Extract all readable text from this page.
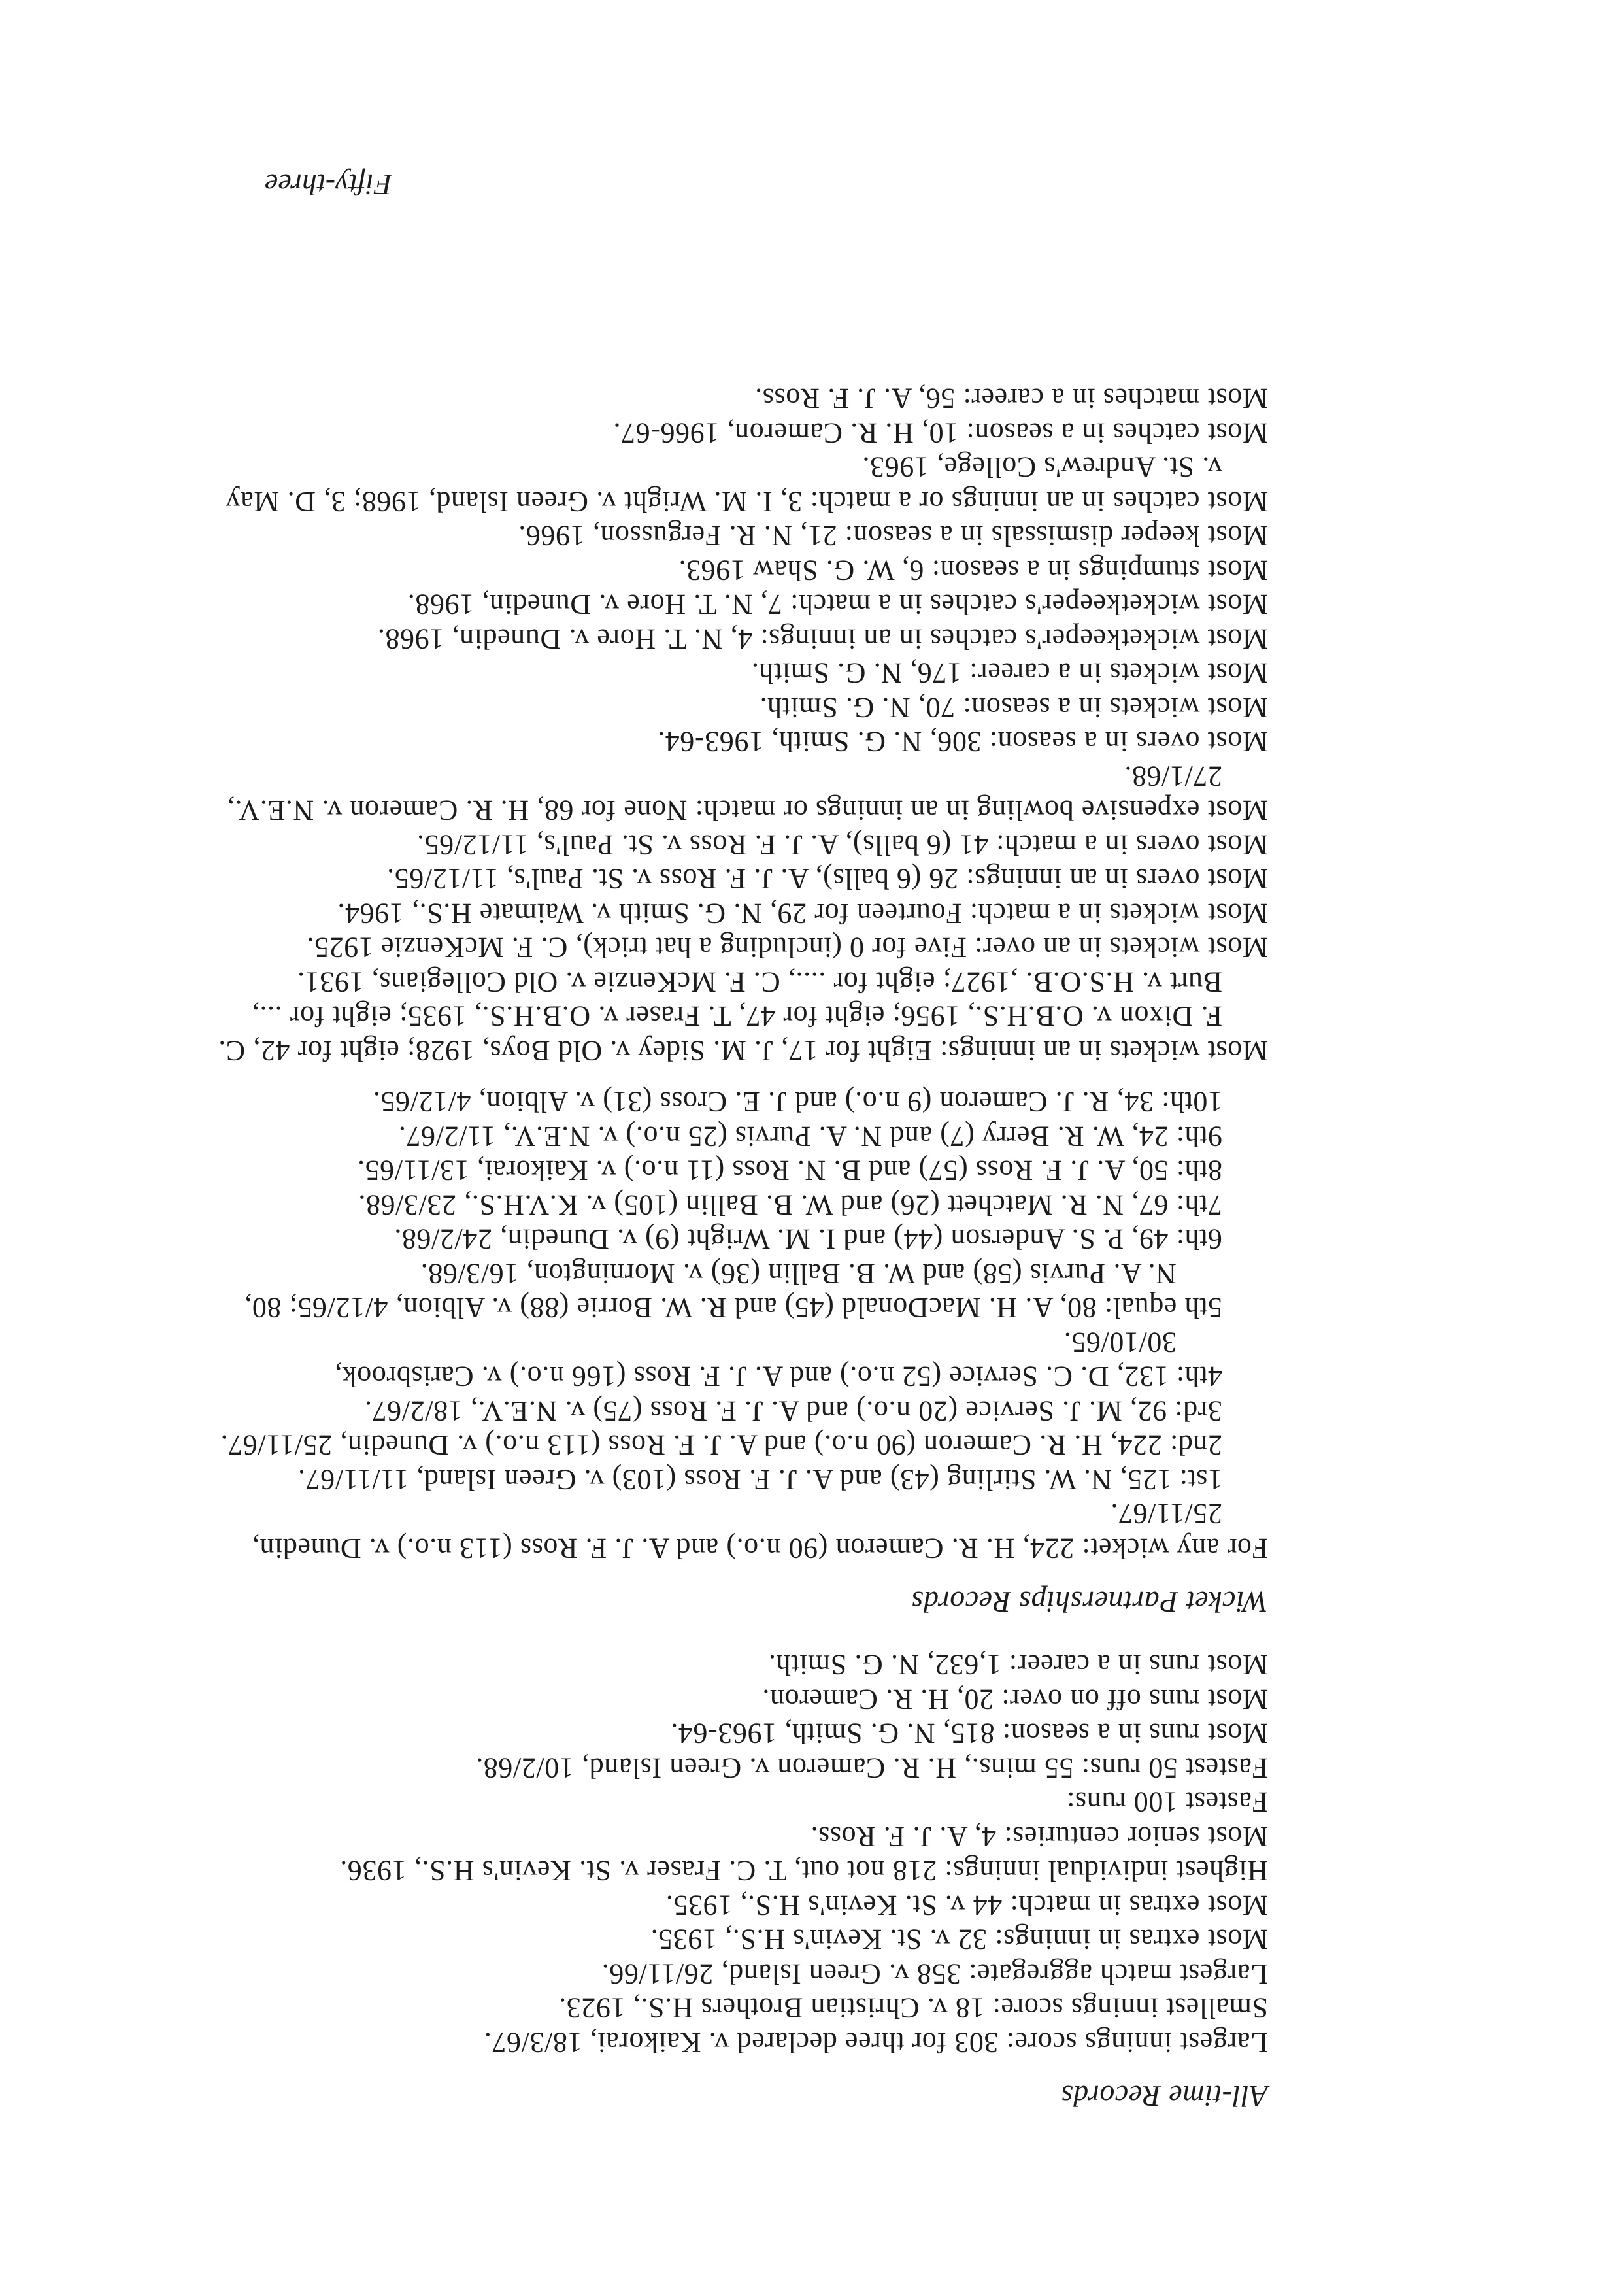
All-time Records

Largest innings score: 303 for three declared v. Kaikorai, 18/3/67.

Smallest innings score: 18 v. Christian Brothers H.S., 1923.

Largest match aggregate: 358 v. Green Island, 26/11/66.

Most extras in innings: 32 v. St. Kevin's H.S., 1935.

Most extras in match: 44 v. St. Kevin's H.S., 1935.

Highest individual innings: 218 not out, T. C. Fraser v. St. Kevin's H.S., 1936.

Most senior centuries: 4, A. J. F. Ross.

Fastest 100 runs:

Fastest 50 runs: 55 mins., H. R. Cameron v. Green Island, 10/2/68.

Most runs in a season: 815, N. G. Smith, 1963-64.

Most runs off on over: 20, H. R. Cameron.

Most runs in a career: 1,632, N. G. Smith.

Wicket Partnerships Records

For any wicket: 224, H. R. Cameron (90 n.o.) and A. J. F. Ross (113 n.o.) v. Dunedin, 25/11/67.

1st: 125, N. W. Stirling (43) and A. J. F. Ross (103) v. Green Island, 11/11/67.

2nd: 224, H. R. Cameron (90 n.o.) and A. J. F. Ross (113 n.o.) v. Dunedin, 25/11/67.

3rd: 92, M. J. Service (20 n.o.) and A. J. F. Ross (75) v. N.E.V., 18/2/67.

4th: 132, D. C. Service (52 n.o.) and A. J. F. Ross (166 n.o.) v. Carisbrook, 30/10/65.

5th equal: 80, A. H. MacDonald (45) and R. W. Borrie (88) v. Albion, 4/12/65; 80, N. A. Purvis (58) and W. B. Ballin (36) v. Mornington, 16/3/68.

6th: 49, P. S. Anderson (44) and I. M. Wright (9) v. Dunedin, 24/2/68.

7th: 67, N. R. Matchett (26) and W. B. Ballin (105) v. K.V.H.S., 23/3/68.

8th: 50, A. J. F. Ross (57) and B. N. Ross (11 n.o.) v. Kaikorai, 13/11/65.

9th: 24, W. R. Berry (7) and N. A. Purvis (25 n.o.) v. N.E.V., 11/2/67.

10th: 34, R. J. Cameron (9 n.o.) and J. E. Cross (31) v. Albion, 4/12/65.

Most wickets in an innings: Eight for 17, J. M. Sidey v. Old Boys, 1928; eight for 42, C. F. Dixon v. O.B.H.S., 1956; eight for 47, T. Fraser v. O.B.H.S., 1935; eight for ..., Burt v. H.S.O.B. ,1927; eight for ...., C. F. McKenzie v. Old Collegians, 1931.

Most wickets in an over: Five for 0 (including a hat trick), C. F. McKenzie 1925.

Most wickets in a match: Fourteen for 29, N. G. Smith v. Waimate H.S., 1964.

Most overs in an innings: 26 (6 balls), A. J. F. Ross v. St. Paul's, 11/12/65.

Most overs in a match: 41 (6 balls), A. J. F. Ross v. St. Paul's, 11/12/65.

Most expensive bowling in an innings or match: None for 68, H. R. Cameron v. N.E.V., 27/1/68.

Most overs in a season: 306, N. G. Smith, 1963-64.

Most wickets in a season: 70, N. G. Smith.

Most wickets in a career: 176, N. G. Smith.

Most wicketkeeper's catches in an innings: 4, N. T. Hore v. Dunedin, 1968.

Most wicketkeeper's catches in a match: 7, N. T. Hore v. Dunedin, 1968.

Most stumpings in a season: 6, W. G. Shaw 1963.

Most keeper dismissals in a season: 21, N. R. Fergusson, 1966.

Most catches in an innings or a match: 3, I. M. Wright v. Green Island, 1968; 3, D. May v. St. Andrew's College, 1963.

Most catches in a season: 10, H. R. Cameron, 1966-67.

Most matches in a career: 56, A. J. F. Ross.

Fifty-three
